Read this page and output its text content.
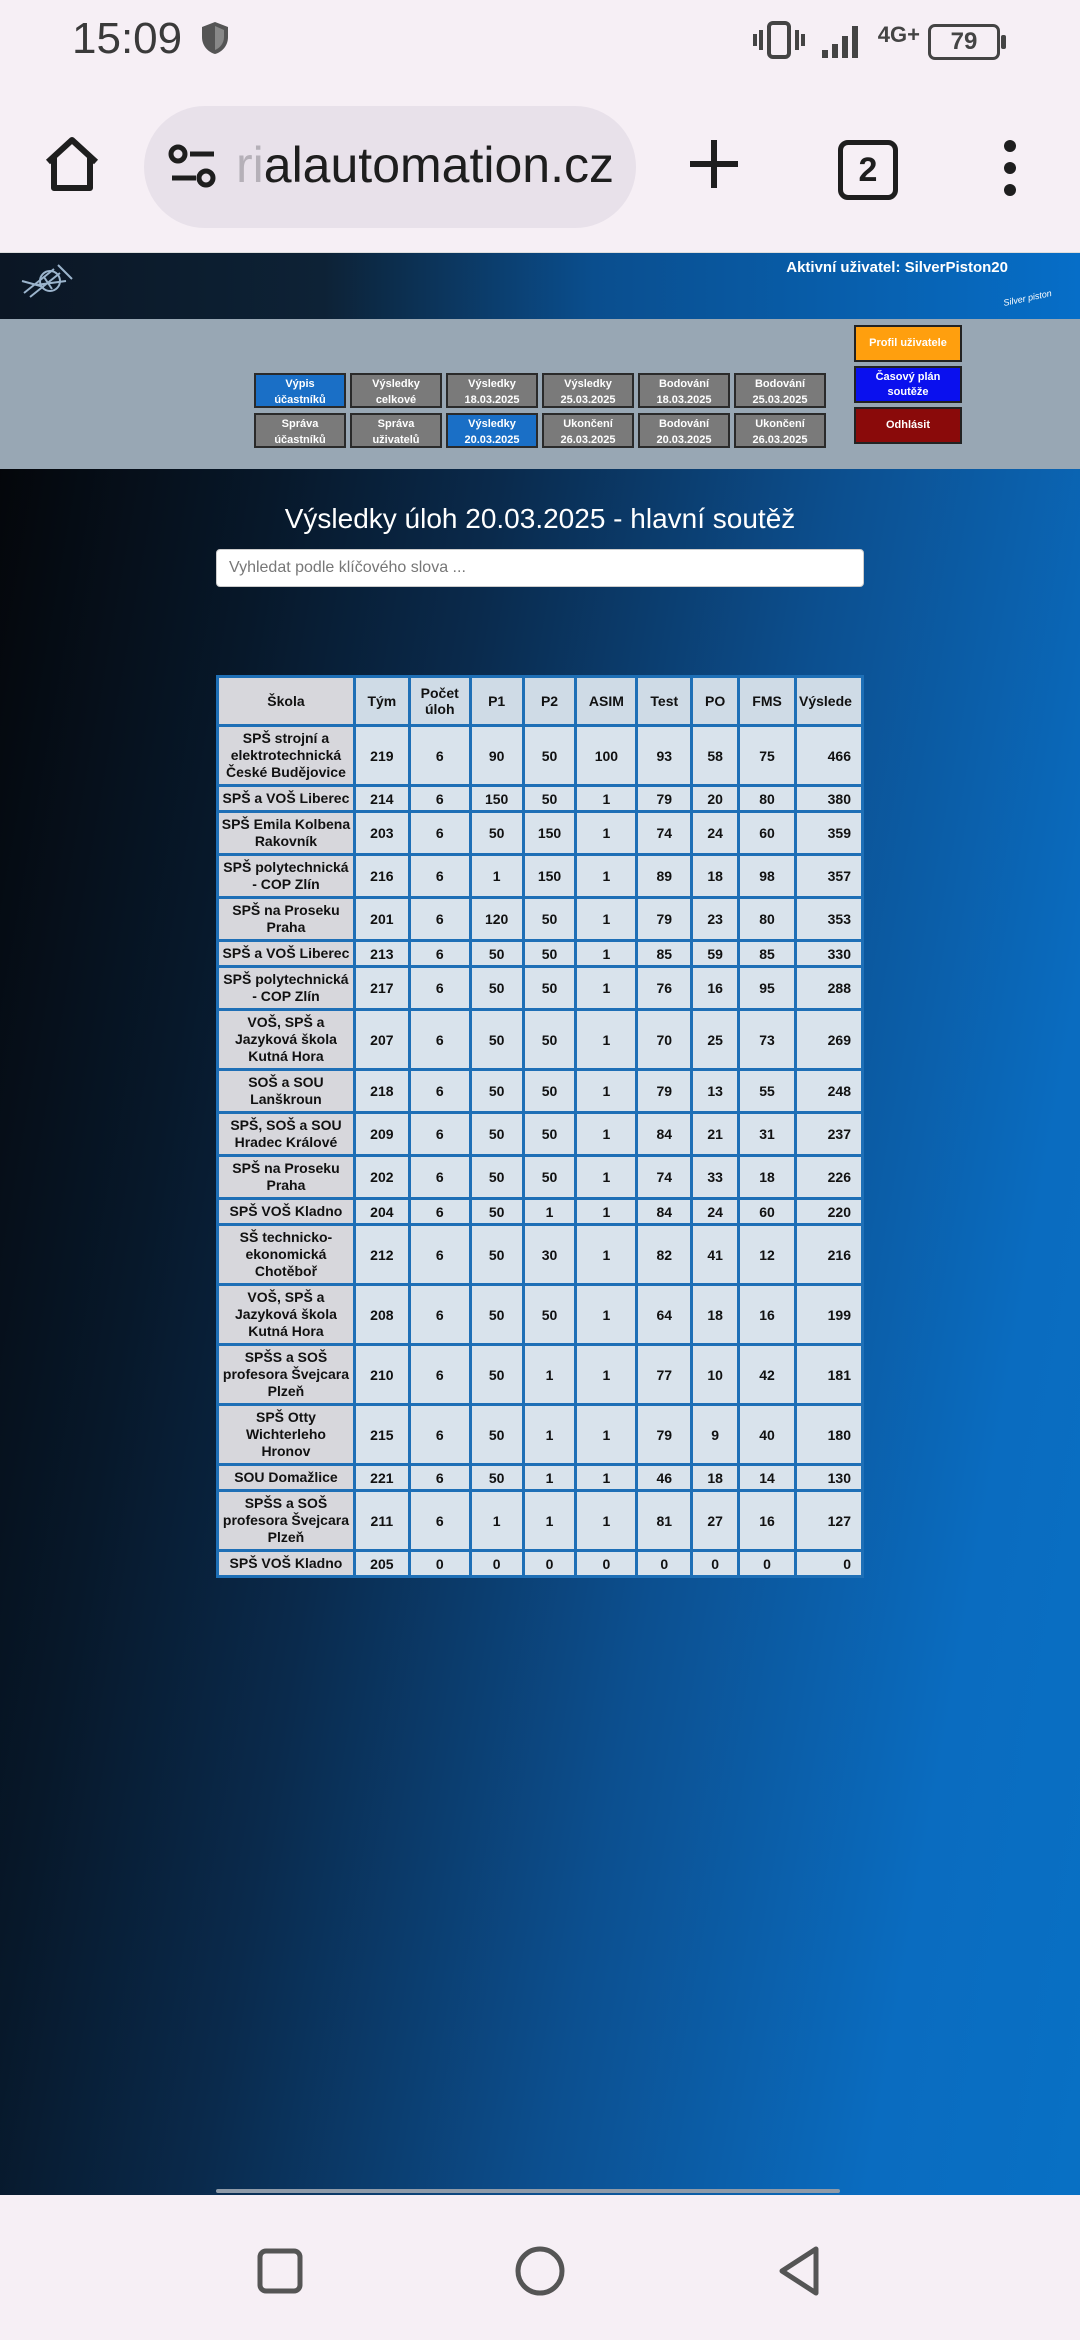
15:09	4G+	79
rialautomation.cz	2
Aktivní uživatel: SilverPiston20
Silver piston
Výpis
účastníků
Výsledky
celkové
Výsledky
18.03.2025
Výsledky
25.03.2025
Bodování
18.03.2025
Bodování
25.03.2025
Správa
účastníků
Správa
uživatelů
Výsledky
20.03.2025
Ukončení
26.03.2025
Bodování
20.03.2025
Ukončení
26.03.2025
Profil uživatele
Časový plán
soutěže
Odhlásit
Výsledky úloh 20.03.2025 - hlavní soutěž
Vyhledat podle klíčového slova ...
Škola	Tým	Počet úloh	P1	P2	ASIM	Test	PO	FMS	Výslede
SPŠ strojní a elektrotechnická České Budějovice	219	6	90	50	100	93	58	75	466
SPŠ a VOŠ Liberec	214	6	150	50	1	79	20	80	380
SPŠ Emila Kolbena Rakovník	203	6	50	150	1	74	24	60	359
SPŠ polytechnická - COP Zlín	216	6	1	150	1	89	18	98	357
SPŠ na Proseku Praha	201	6	120	50	1	79	23	80	353
SPŠ a VOŠ Liberec	213	6	50	50	1	85	59	85	330
SPŠ polytechnická - COP Zlín	217	6	50	50	1	76	16	95	288
VOŠ, SPŠ a Jazyková škola Kutná Hora	207	6	50	50	1	70	25	73	269
SOŠ a SOU Lanškroun	218	6	50	50	1	79	13	55	248
SPŠ, SOŠ a SOU Hradec Králové	209	6	50	50	1	84	21	31	237
SPŠ na Proseku Praha	202	6	50	50	1	74	33	18	226
SPŠ VOŠ Kladno	204	6	50	1	1	84	24	60	220
SŠ technicko-ekonomická Chotěboř	212	6	50	30	1	82	41	12	216
VOŠ, SPŠ a Jazyková škola Kutná Hora	208	6	50	50	1	64	18	16	199
SPŠS a SOŠ profesora Švejcara Plzeň	210	6	50	1	1	77	10	42	181
SPŠ Otty Wichterleho Hronov	215	6	50	1	1	79	9	40	180
SOU Domažlice	221	6	50	1	1	46	18	14	130
SPŠS a SOŠ profesora Švejcara Plzeň	211	6	1	1	1	81	27	16	127
SPŠ VOŠ Kladno	205	0	0	0	0	0	0	0	0
